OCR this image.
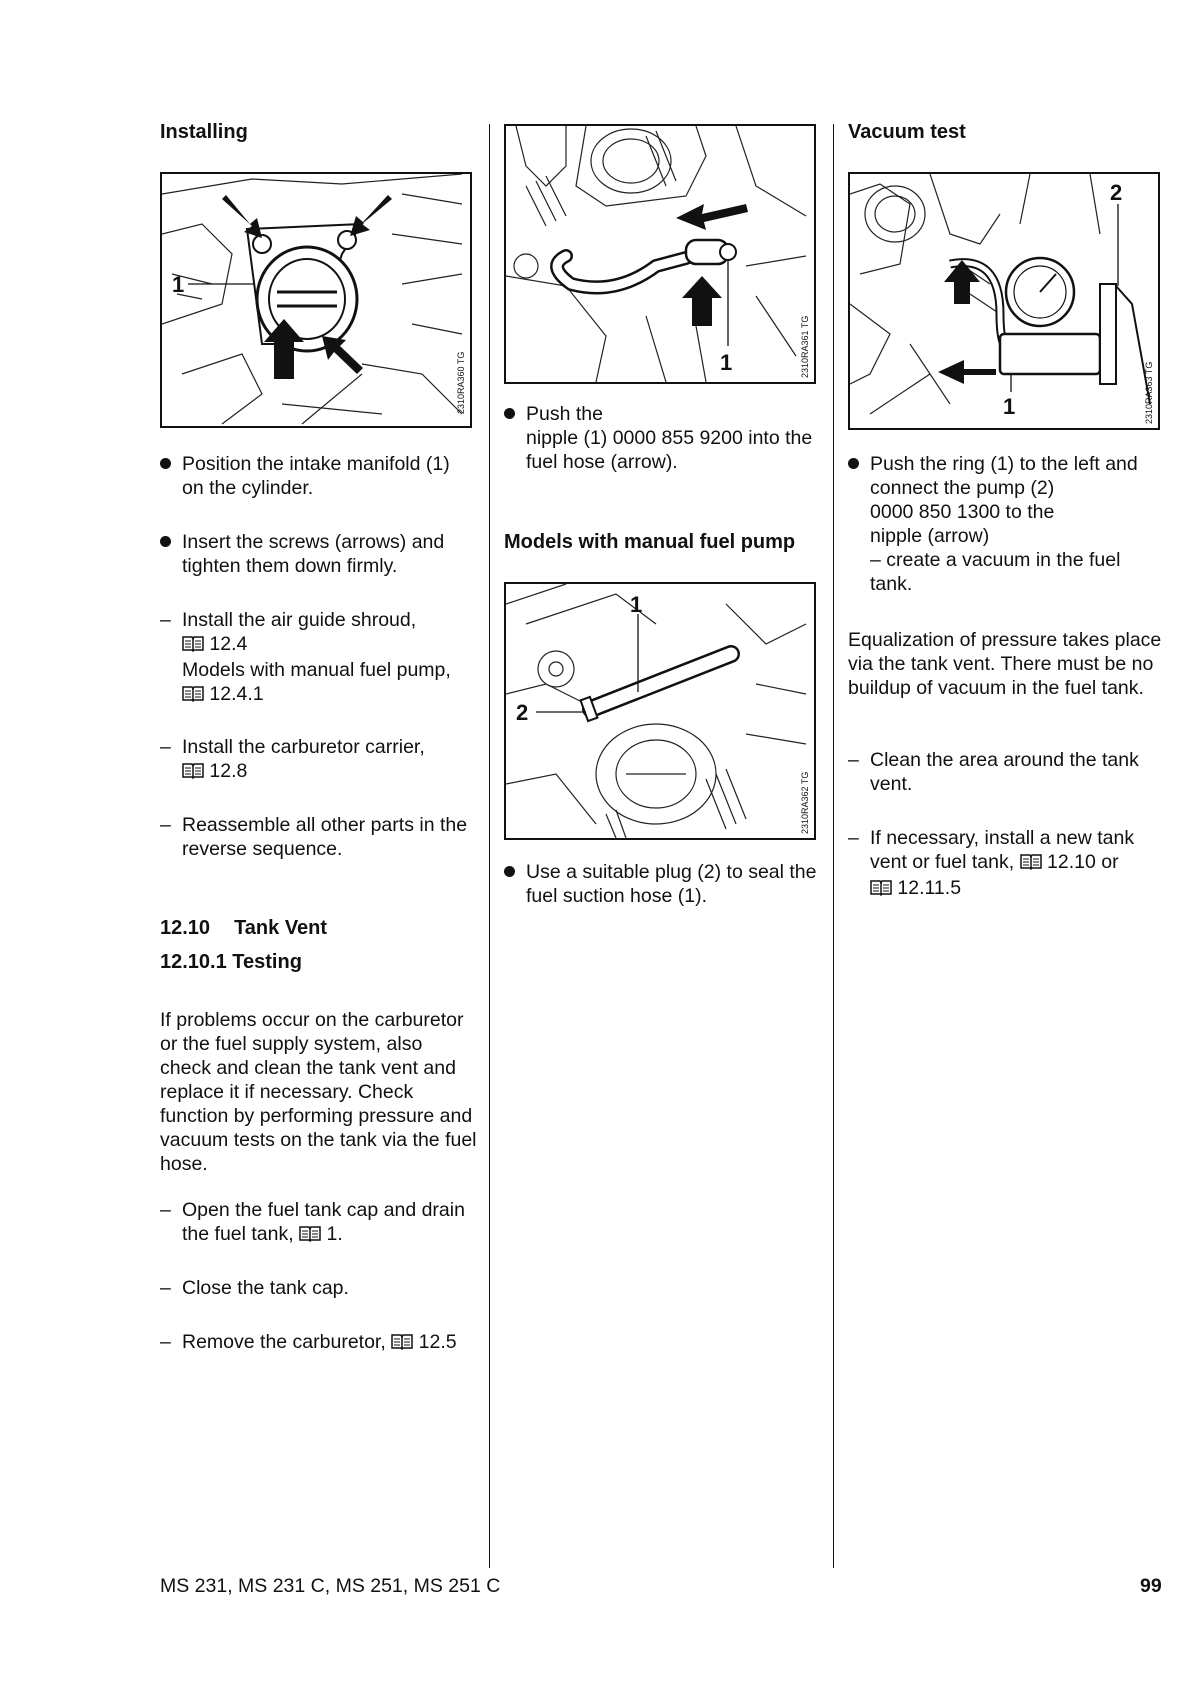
Installing
1
2310RA360 TG
Position the intake manifold (1) on the cylinder.
Insert the screws (arrows) and tighten them down firmly.
– Install the air guide shroud,
12.4
Models with manual fuel pump,
12.4.1
– Install the carburetor carrier,
12.8
– Reassemble all other parts in the reverse sequence.
12.10 Tank Vent
12.10.1 Testing
If problems occur on the carburetor or the fuel supply system, also check and clean the tank vent and replace it if necessary. Check function by performing pressure and vacuum tests on the tank via the fuel hose.
– Open the fuel tank cap and drain the fuel tank, 1.
– Close the tank cap.
– Remove the carburetor, 12.5
1	2310RA361 TG
Push the
nipple (1) 0000 855 9200 into the fuel hose (arrow).
Models with manual fuel pump
1
2
2310RA362 TG
Use a suitable plug (2) to seal the fuel suction hose (1).
Vacuum test
1
2
2310RA363 TG
Push the ring (1) to the left and connect the pump (2)
0000 850 1300 to the
nipple (arrow)
– create a vacuum in the fuel tank.
Equalization of pressure takes place via the tank vent. There must be no buildup of vacuum in the fuel tank.
– Clean the area around the tank vent.
– If necessary, install a new tank vent or fuel tank, 12.10 or
12.11.5
MS 231, MS 231 C, MS 251, MS 251 C	99
